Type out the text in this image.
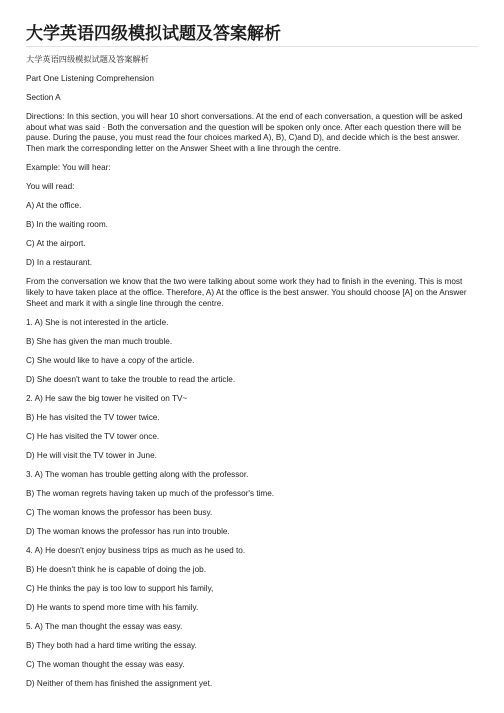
大学英语四级模拟试题及答案解析

大学英语四级模拟试题及答案解析

Part One Listening Comprehension

Section A

Directions: In this section, you will hear 10 short conversations. At the end of each conversation, a question will be asked about what was said · Both the conversation and the question will be spoken only once. After each question there will be pause. During the pause, you must read the four choices marked A), B), C)and D), and decide which is the best answer. Then mark the corresponding letter on the Answer Sheet with a line through the centre.

Example: You will hear:

You will read:

A) At the office.

B) In the waiting room.

C) At the airport.

D) In a restaurant.

From the conversation we know that the two were talking about some work they had to finish in the evening. This is most likely to have taken place at the office. Therefore, A) At the office is the best answer. You should choose [A] on the Answer Sheet and mark it with a single line through the centre.

1. A) She is not interested in the article.

B) She has given the man much trouble.

C) She would like to have a copy of the article.

D) She doesn't want to take the trouble to read the article.

2. A) He saw the big tower he visited on TV~

B) He has visited the TV tower twice.

C) He has visited the TV tower once.

D) He will visit the TV tower in June.

3. A) The woman has trouble getting along with the professor.

B) The woman regrets having taken up much of the professor's time.

C) The woman knows the professor has been busy.

D) The woman knows the professor has run into trouble.

4. A) He doesn't enjoy business trips as much as he used to.

B) He doesn't think he is capable of doing the job.

C) He thinks the pay is too low to support his family,

D) He wants to spend more time with his family.

5. A) The man thought the essay was easy.

B) They both had a hard time writing the essay.

C) The woman thought the essay was easy.

D) Neither of them has finished the assignment yet.
